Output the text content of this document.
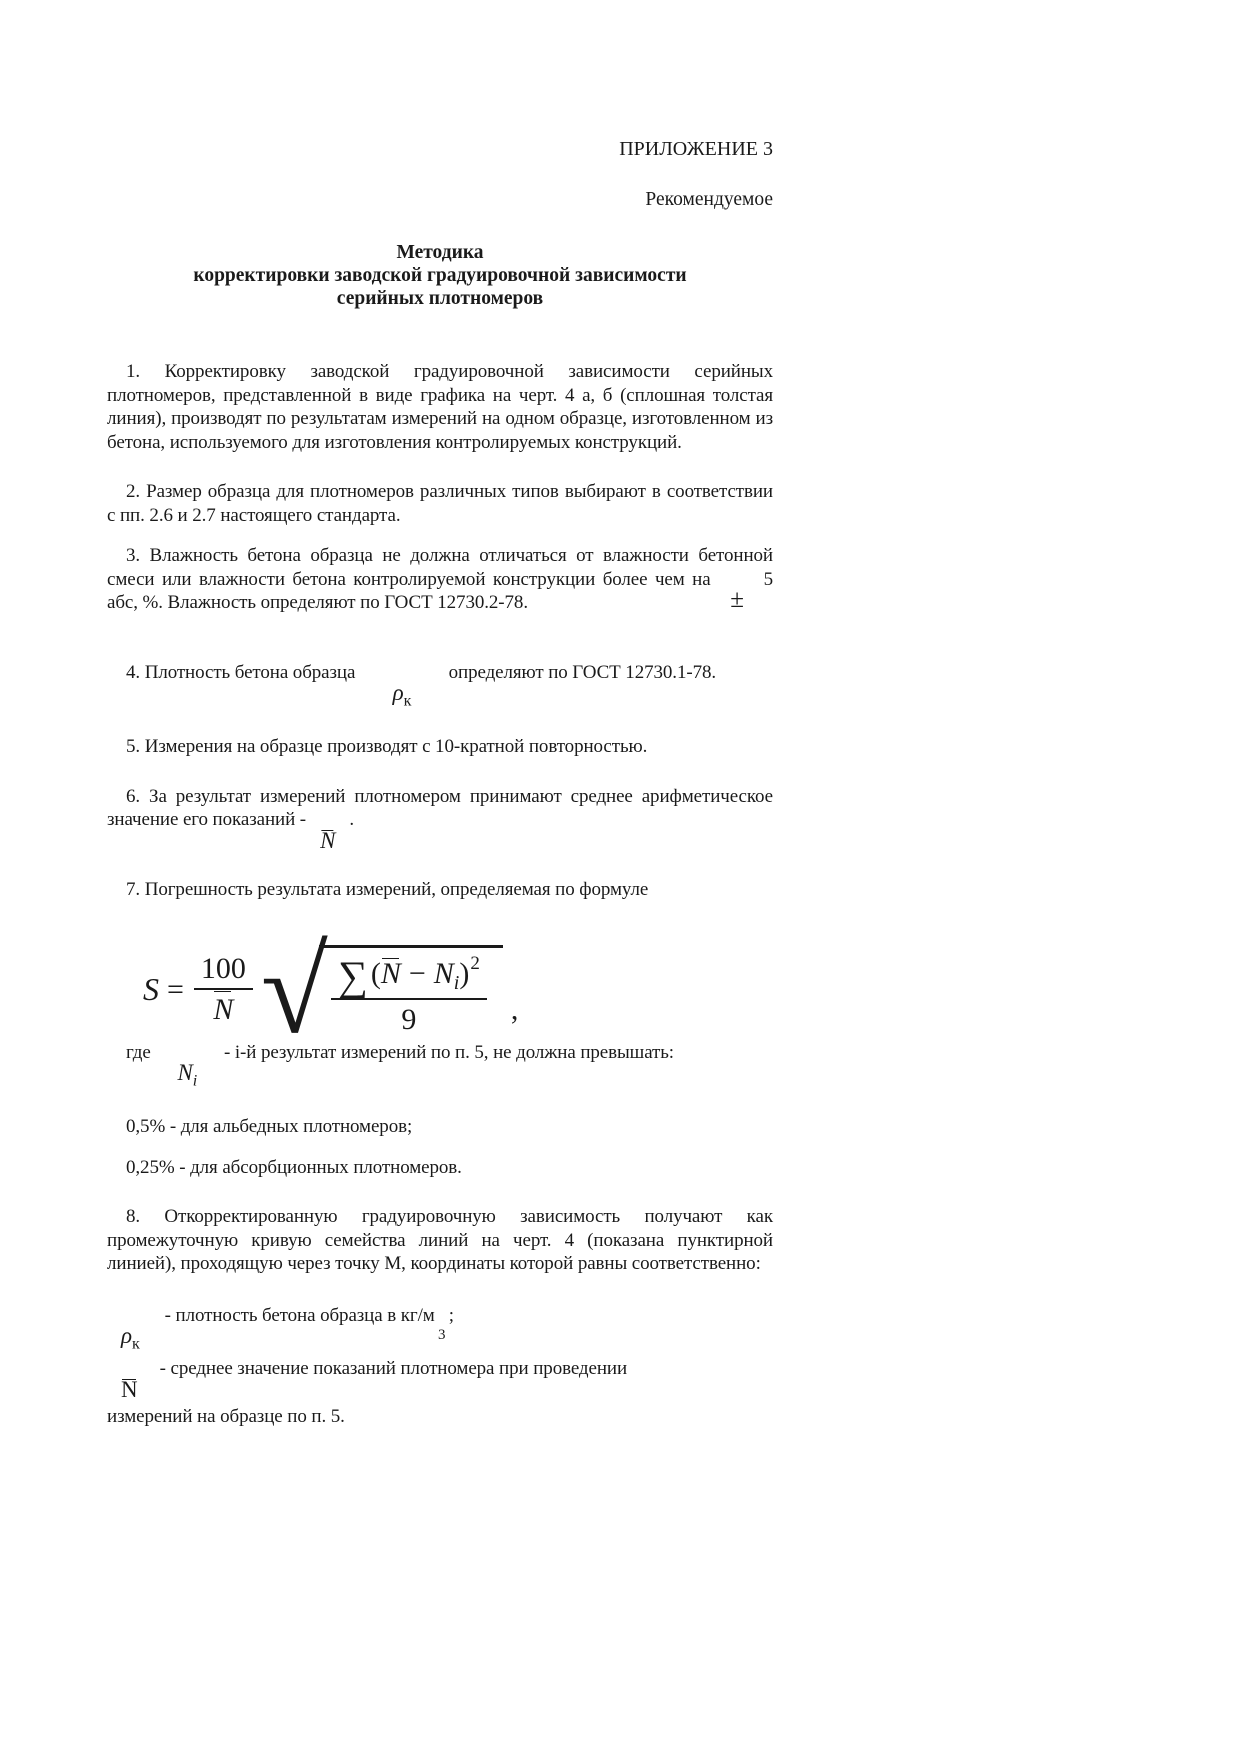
ПРИЛОЖЕНИЕ 3
Рекомендуемое
Методика
корректировки заводской градуировочной зависимости
серийных плотномеров

1. Корректировку заводской градуировочной зависимости серийных плотномеров, представленной в виде графика на черт. 4 а, б (сплошная толстая линия), производят по результатам измерений на одном образце, изготовленном из бетона, используемого для изготовления контролируемых конструкций.

2. Размер образца для плотномеров различных типов выбирают в соответствии с пп. 2.6 и 2.7 настоящего стандарта.

3. Влажность бетона образца не должна отличаться от влажности бетонной смеси или влажности бетона контролируемой конструкции более чем на
±
5 абс, %. Влажность определяют по ГОСТ 12730.2-78.

4. Плотность бетона образца
$\rho_к$
определяют по ГОСТ 12730.1-78.

5. Измерения на образце производят с 10-кратной повторностью.

6. За результат измерений плотномером принимают среднее арифметическое значение его показаний -
N
.

7. Погрешность результата измерений, определяемая по формуле

$S = \frac{100}{N}$ √ $\frac{\sum (N - N_i)^2}{9}$ ,

где
$N_i$
- i-й результат измерений по п. 5, не должна превышать:

0,5% - для альбедных плотномеров;

0,25% - для абсорбционных плотномеров.

8. Откорректированную градуировочную зависимость получают как промежуточную кривую семейства линий на черт. 4 (показана пунктирной линией), проходящую через точку М, координаты которой равны соответственно:

$\rho_к$
- плотность бетона образца в кг/м
3
;

N
- среднее значение показаний плотномера при проведении

измерений на образце по п. 5.
